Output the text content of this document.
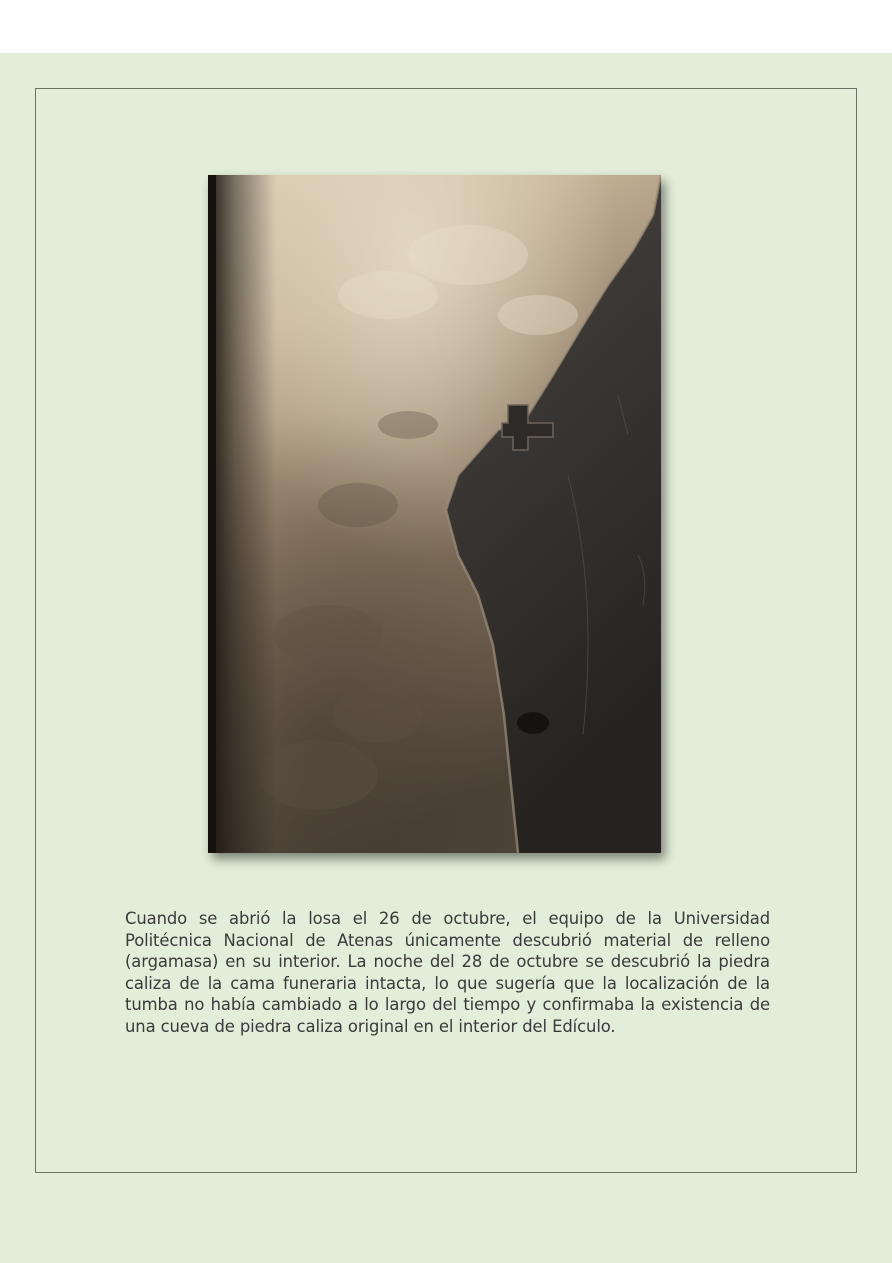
Cuando se abrió la losa el 26 de octubre, el equipo de la Universidad Politécnica Nacional de Atenas únicamente descubrió material de relleno (argamasa) en su interior. La noche del 28 de octubre se descubrió la piedra caliza de la cama funeraria intacta, lo que sugería que la localización de la tumba no había cambiado a lo largo del tiempo y confirmaba la existencia de una cueva de piedra caliza original en el interior del Edículo.
